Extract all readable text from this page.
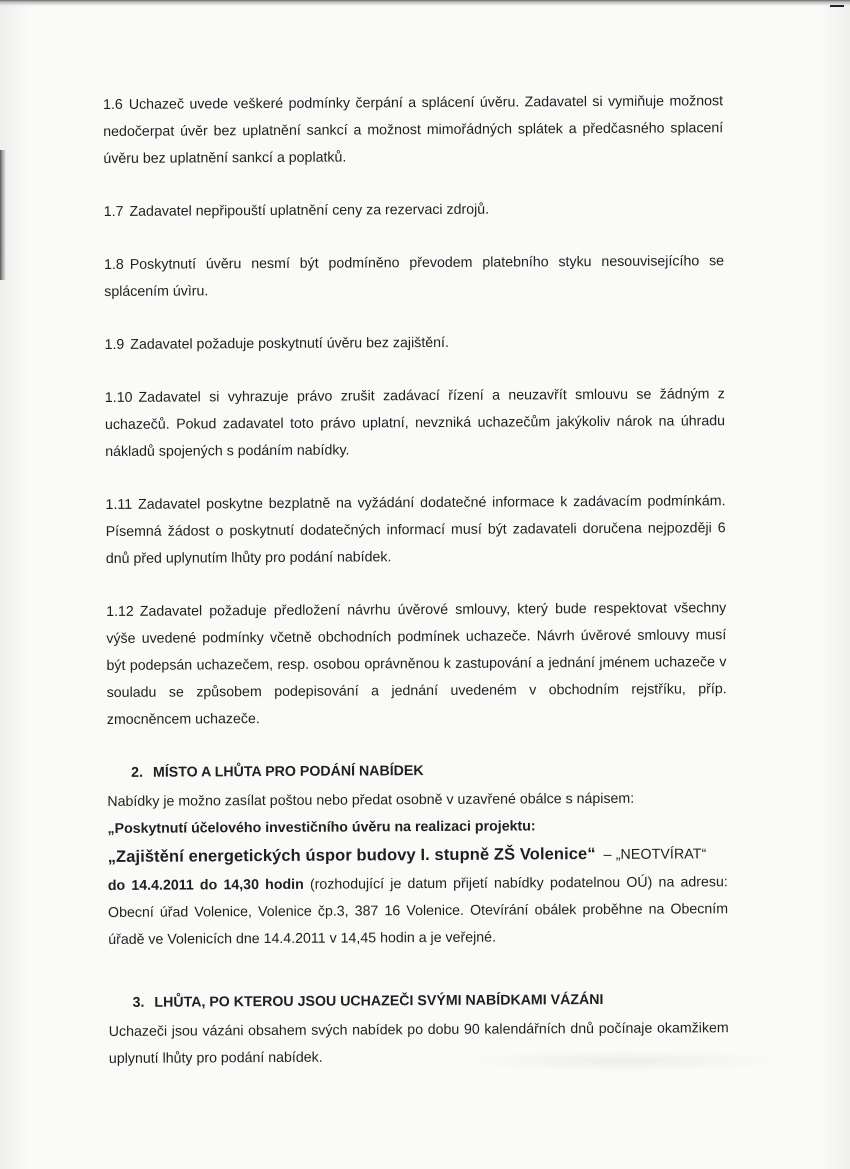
1.6 Uchazeč uvede veškeré podmínky čerpání a splácení úvěru. Zadavatel si vymiňuje možnost nedočerpat úvěr bez uplatnění sankcí a možnost mimořádných splátek a předčasného splacení úvěru bez uplatnění sankcí a poplatků.

1.7 Zadavatel nepřipouští uplatnění ceny za rezervaci zdrojů.

1.8 Poskytnutí úvěru nesmí být podmíněno převodem platebního styku nesouvisejícího se splácením úvìru.

1.9 Zadavatel požaduje poskytnutí úvěru bez zajištění.

1.10 Zadavatel si vyhrazuje právo zrušit zadávací řízení a neuzavřít smlouvu se žádným z uchazečů. Pokud zadavatel toto právo uplatní, nevzniká uchazečům jakýkoliv nárok na úhradu nákladů spojených s podáním nabídky.

1.11 Zadavatel poskytne bezplatně na vyžádání dodatečné informace k zadávacím podmínkám. Písemná žádost o poskytnutí dodatečných informací musí být zadavateli doručena nejpozději 6 dnů před uplynutím lhůty pro podání nabídek.

1.12 Zadavatel požaduje předložení návrhu úvěrové smlouvy, který bude respektovat všechny výše uvedené podmínky včetně obchodních podmínek uchazeče. Návrh úvěrové smlouvy musí být podepsán uchazečem, resp. osobou oprávněnou k zastupování a jednání jménem uchazeče v souladu se způsobem podepisování a jednání uvedeném v obchodním rejstříku, příp. zmocněncem uchazeče.

2. MÍSTO A LHŮTA PRO PODÁNÍ NABÍDEK

Nabídky je možno zasílat poštou nebo předat osobně v uzavřené obálce s nápisem:

„Poskytnutí účelového investičního úvěru na realizaci projektu:

„Zajištění energetických úspor budovy I. stupně ZŠ Volenice“ – „NEOTVÍRAT“

do 14.4.2011 do 14,30 hodin (rozhodující je datum přijetí nabídky podatelnou OÚ) na adresu: Obecní úřad Volenice, Volenice čp.3, 387 16 Volenice. Otevírání obálek proběhne na Obecním úřadě ve Volenicích dne 14.4.2011 v 14,45 hodin a je veřejné.

3. LHŮTA, PO KTEROU JSOU UCHAZEČI SVÝMI NABÍDKAMI VÁZÁNI

Uchazeči jsou vázáni obsahem svých nabídek po dobu 90 kalendářních dnů počínaje okamžikem uplynutí lhůty pro podání nabídek.
